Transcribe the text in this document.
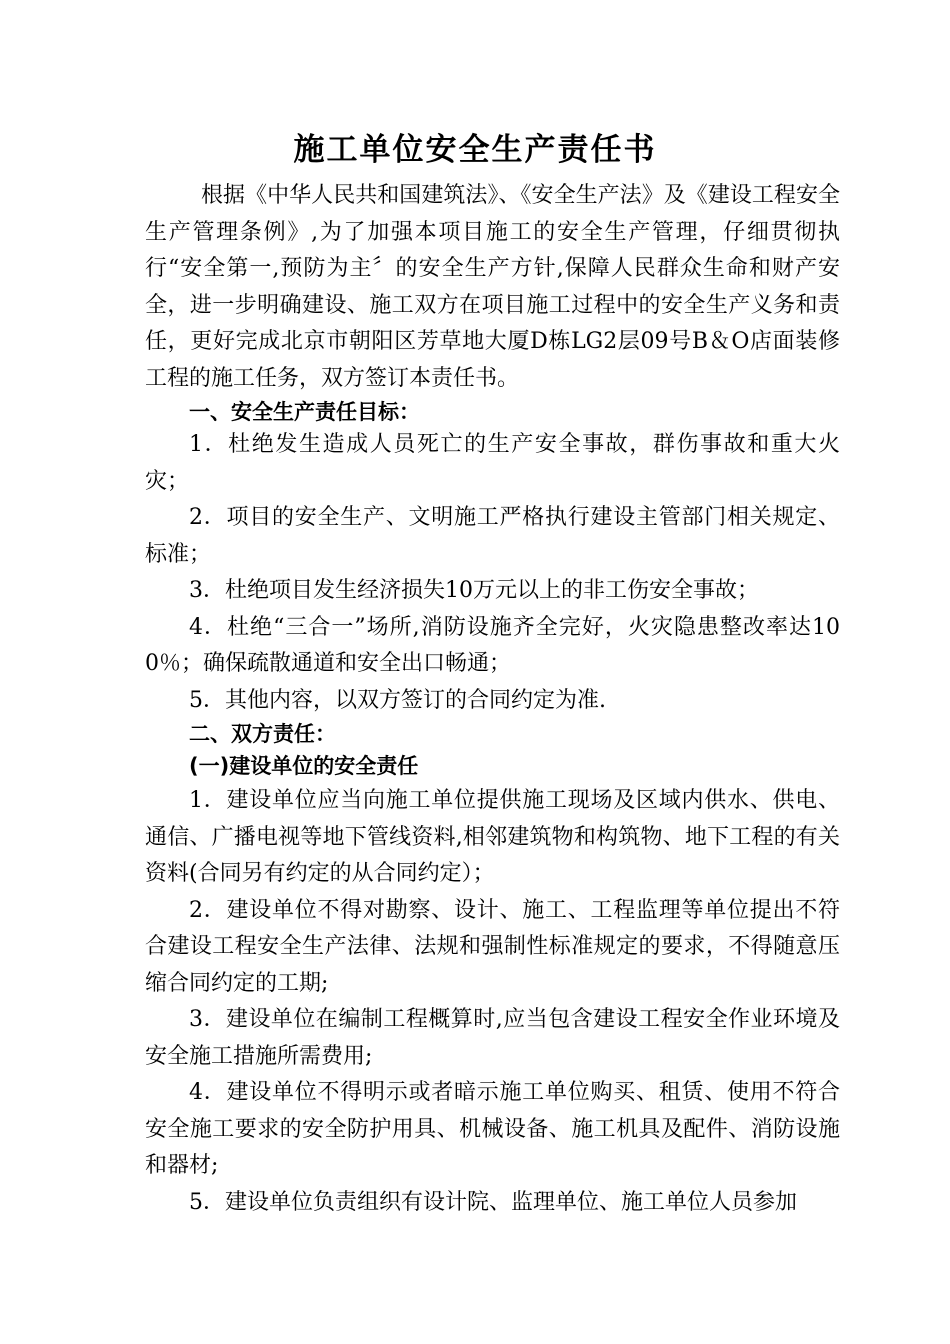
施工单位安全生产责任书

根据《中华人民共和国建筑法》、《安全生产法》及《建设工程安全生产管理条例》,为了加强本项目施工的安全生产管理，仔细贯彻执行“安全第一,预防为主〞的安全生产方针,保障人民群众生命和财产安全，进一步明确建设、施工双方在项目施工过程中的安全生产义务和责任，更好完成北京市朝阳区芳草地大厦D栋LG2层09号B＆O店面装修工程的施工任务，双方签订本责任书。

一、安全生产责任目标：

1．杜绝发生造成人员死亡的生产安全事故，群伤事故和重大火灾；

2．项目的安全生产、文明施工严格执行建设主管部门相关规定、标准；

3．杜绝项目发生经济损失10万元以上的非工伤安全事故；

4．杜绝“三合一”场所,消防设施齐全完好，火灾隐患整改率达100％；确保疏散通道和安全出口畅通；

5．其他内容，以双方签订的合同约定为准.

二、双方责任：

(一)建设单位的安全责任

1．建设单位应当向施工单位提供施工现场及区域内供水、供电、通信、广播电视等地下管线资料,相邻建筑物和构筑物、地下工程的有关资料(合同另有约定的从合同约定）；

2．建设单位不得对勘察、设计、施工、工程监理等单位提出不符合建设工程安全生产法律、法规和强制性标准规定的要求，不得随意压缩合同约定的工期;

3．建设单位在编制工程概算时,应当包含建设工程安全作业环境及安全施工措施所需费用;

4．建设单位不得明示或者暗示施工单位购买、租赁、使用不符合安全施工要求的安全防护用具、机械设备、施工机具及配件、消防设施和器材;

5．建设单位负责组织有设计院、监理单位、施工单位人员参加
